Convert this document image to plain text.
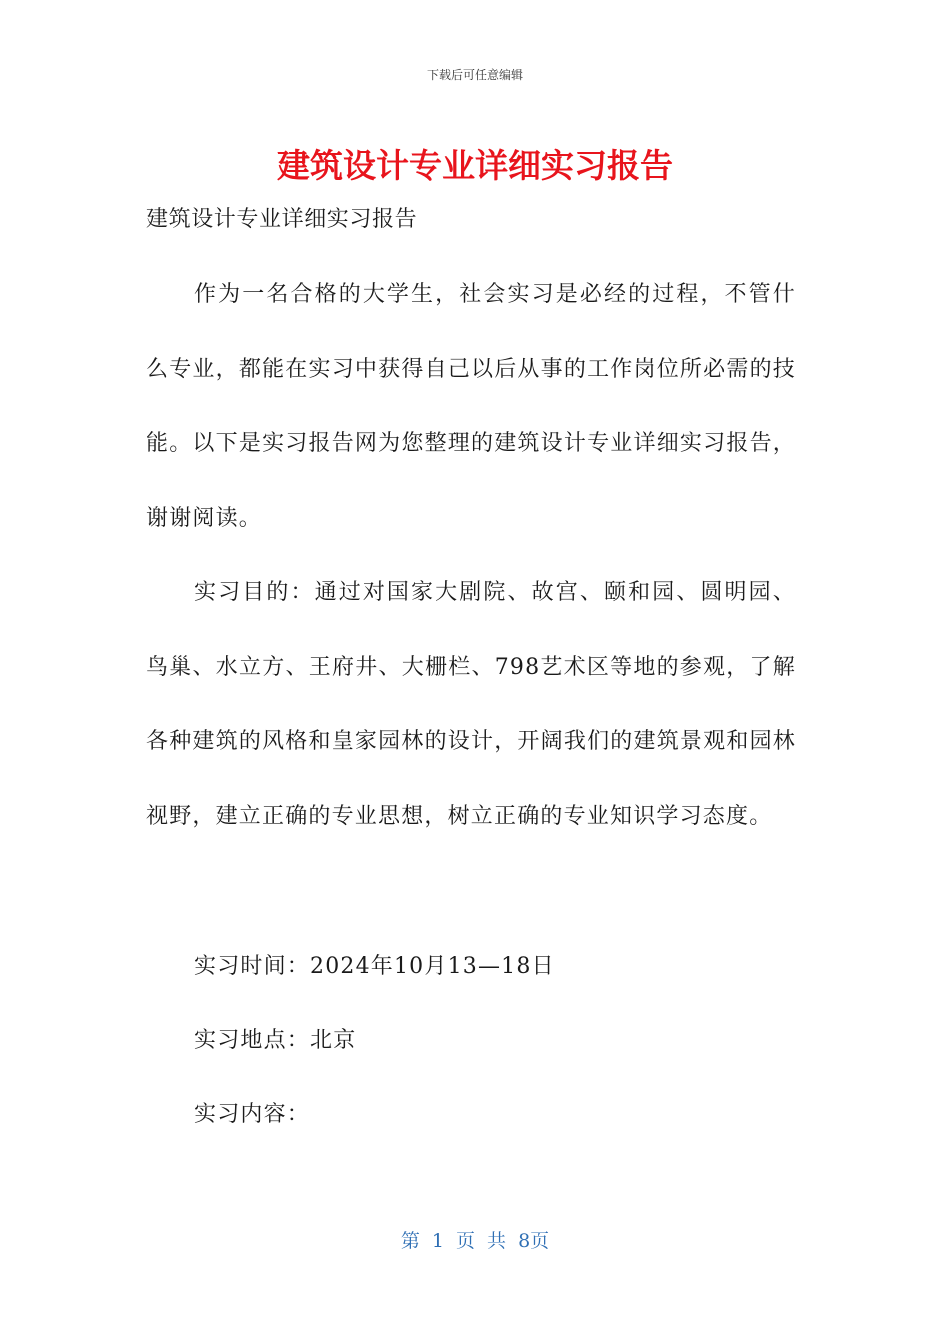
下载后可任意编辑
建筑设计专业详细实习报告
建筑设计专业详细实习报告

作为一名合格的大学生，社会实习是必经的过程，不管什么专业，都能在实习中获得自己以后从事的工作岗位所必需的技能。以下是实习报告网为您整理的建筑设计专业详细实习报告，谢谢阅读。

实习目的：通过对国家大剧院、故宫、颐和园、圆明园、鸟巢、水立方、王府井、大栅栏、798艺术区等地的参观，了解各种建筑的风格和皇家园林的设计，开阔我们的建筑景观和园林视野，建立正确的专业思想，树立正确的专业知识学习态度。

实习时间：2024年10月13—18日

实习地点：北京

实习内容：

第 1 页 共 8页
